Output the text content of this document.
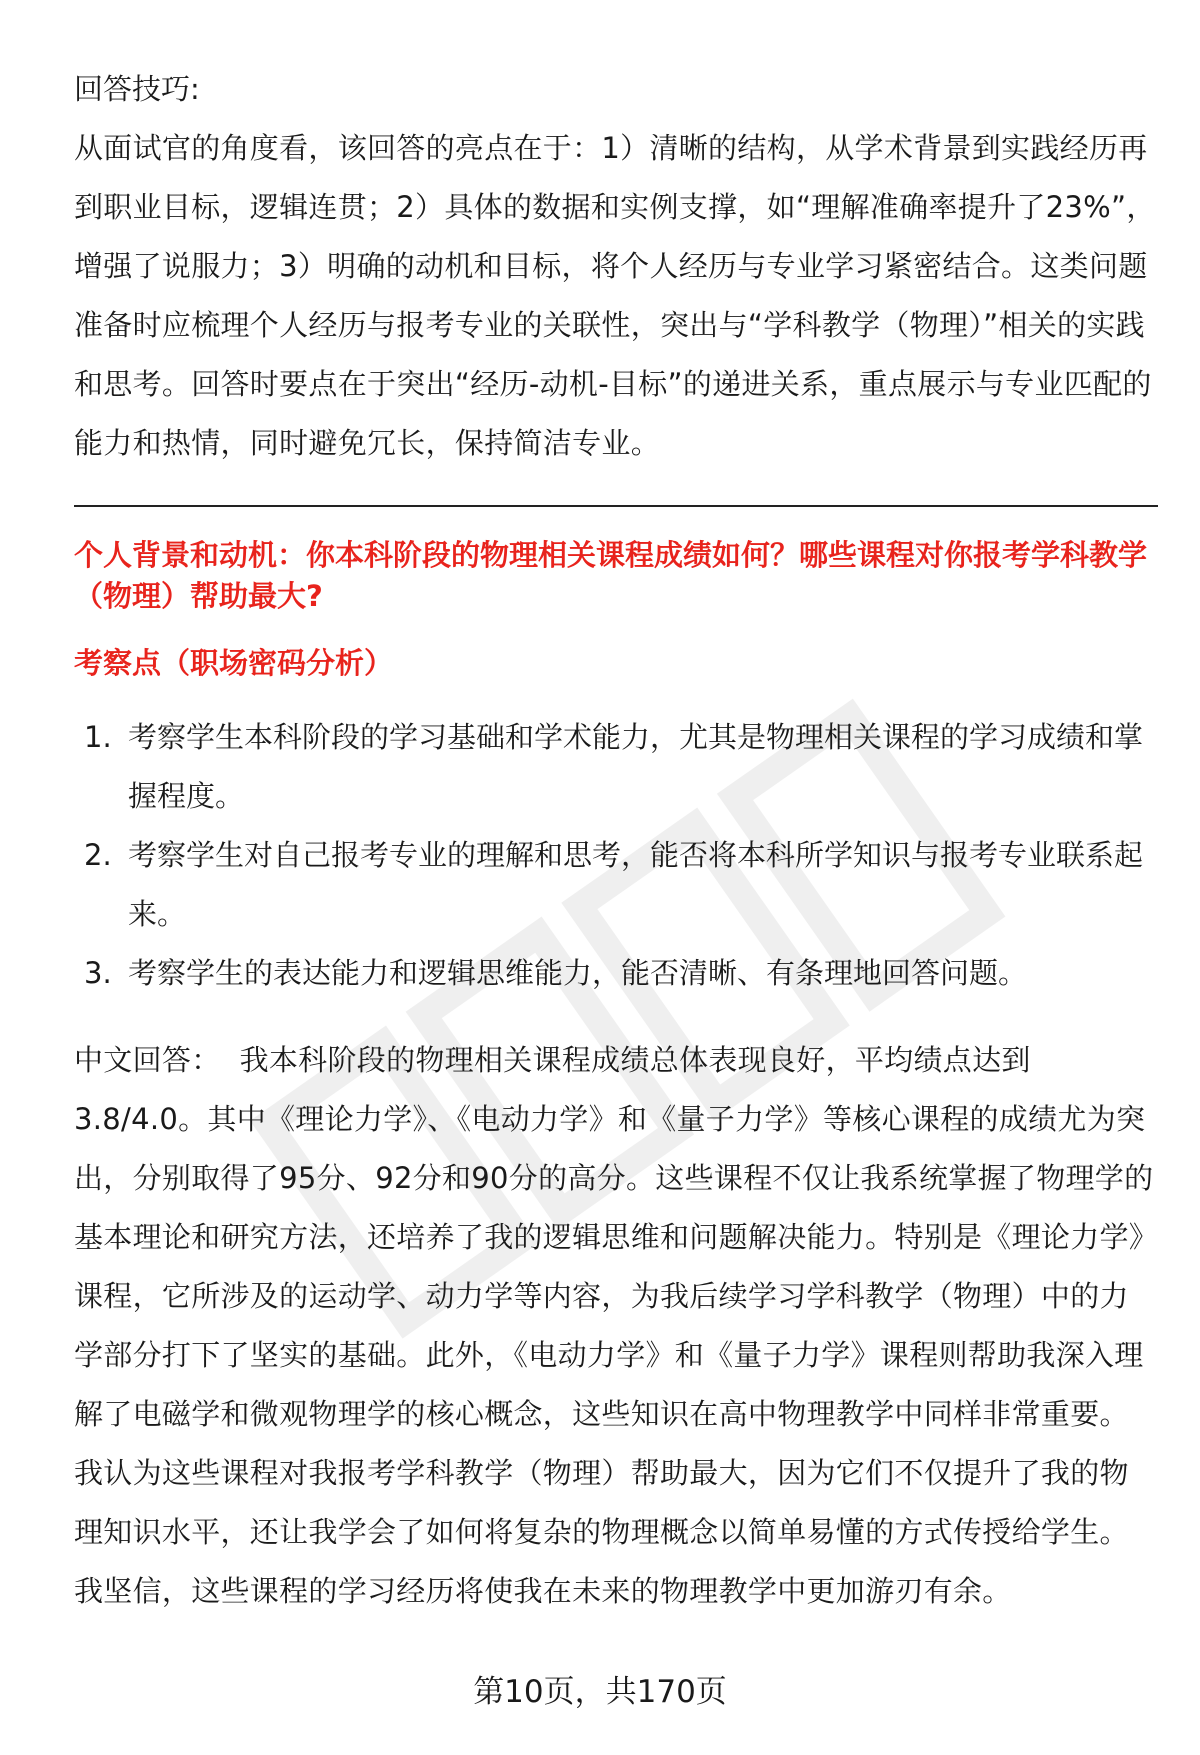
回答技巧:

从面试官的角度看，该回答的亮点在于：1）清晰的结构，从学术背景到实践经历再到职业目标，逻辑连贯；2）具体的数据和实例支撑，如“理解准确率提升了23%”，增强了说服力；3）明确的动机和目标，将个人经历与专业学习紧密结合。这类问题准备时应梳理个人经历与报考专业的关联性，突出与“学科教学（物理）”相关的实践和思考。回答时要点在于突出“经历-动机-目标”的递进关系，重点展示与专业匹配的能力和热情，同时避免冗长，保持简洁专业。

个人背景和动机：你本科阶段的物理相关课程成绩如何？哪些课程对你报考学科教学（物理）帮助最大?

考察点（职场密码分析）

1. 考察学生本科阶段的学习基础和学术能力，尤其是物理相关课程的学习成绩和掌握程度。
2. 考察学生对自己报考专业的理解和思考，能否将本科所学知识与报考专业联系起来。
3. 考察学生的表达能力和逻辑思维能力，能否清晰、有条理地回答问题。

中文回答： 我本科阶段的物理相关课程成绩总体表现良好，平均绩点达到3.8/4.0。其中《理论力学》、《电动力学》和《量子力学》等核心课程的成绩尤为突出，分别取得了95分、92分和90分的高分。这些课程不仅让我系统掌握了物理学的基本理论和研究方法，还培养了我的逻辑思维和问题解决能力。特别是《理论力学》课程，它所涉及的运动学、动力学等内容，为我后续学习学科教学（物理）中的力学部分打下了坚实的基础。此外，《电动力学》和《量子力学》课程则帮助我深入理解了电磁学和微观物理学的核心概念，这些知识在高中物理教学中同样非常重要。我认为这些课程对我报考学科教学（物理）帮助最大，因为它们不仅提升了我的物理知识水平，还让我学会了如何将复杂的物理概念以简单易懂的方式传授给学生。我坚信，这些课程的学习经历将使我在未来的物理教学中更加游刃有余。

第10页，共170页
